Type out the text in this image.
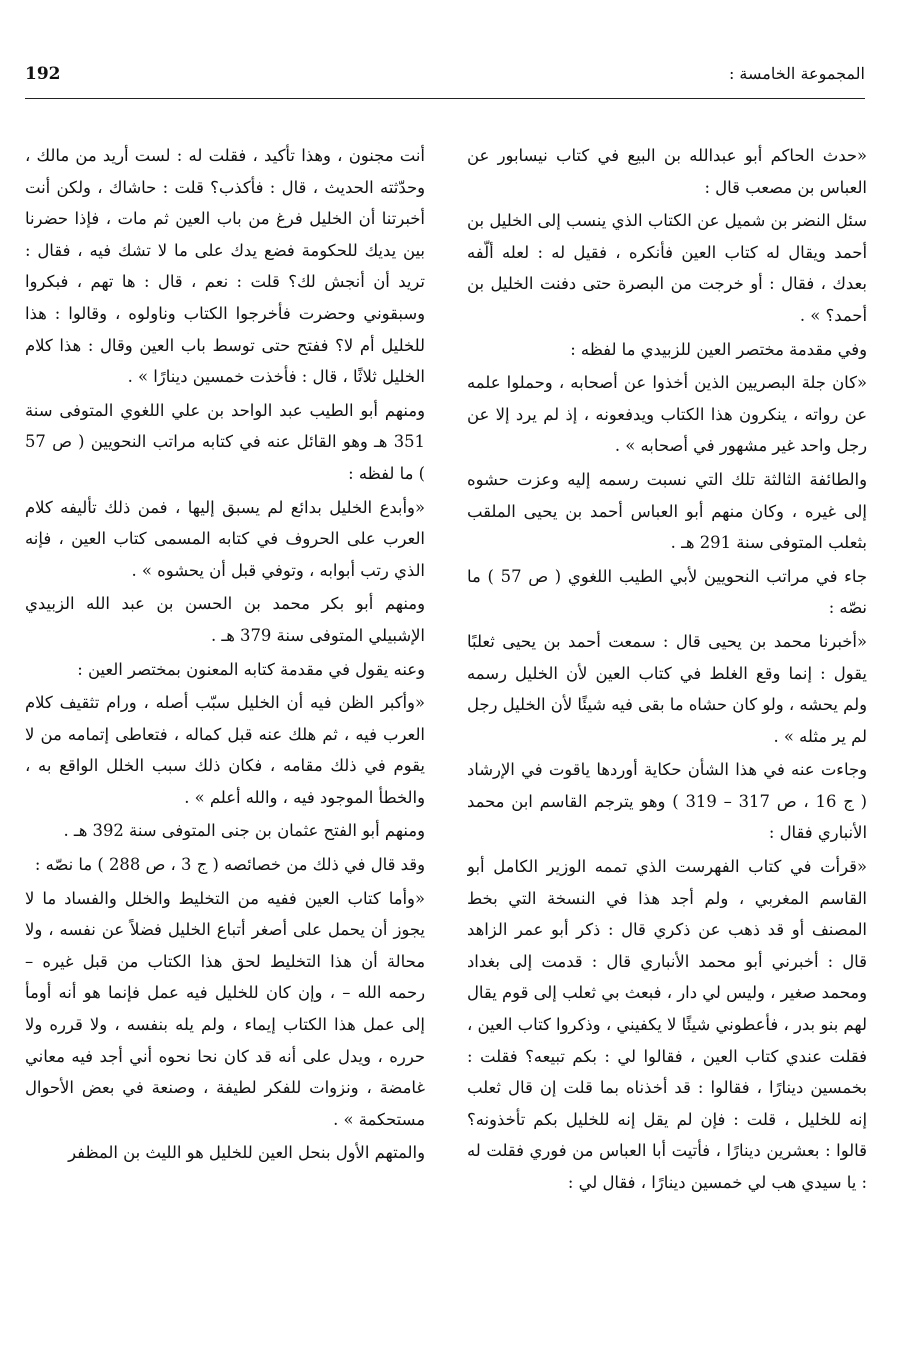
192	المجموعة الخامسة :

«حدث الحاكم أبو عبدالله بن البيع في كتاب نيسابور عن العباس بن مصعب قال :

سئل النضر بن شميل عن الكتاب الذي ينسب إلى الخليل بن أحمد ويقال له كتاب العين فأنكره ، فقيل له : لعله ألّفه بعدك ، فقال : أو خرجت من البصرة حتى دفنت الخليل بن أحمد؟ » .

وفي مقدمة مختصر العين للزبيدي ما لفظه :

«كان جلة البصريين الذين أخذوا عن أصحابه ، وحملوا علمه عن رواته ، ينكرون هذا الكتاب ويدفعونه ، إذ لم يرد إلا عن رجل واحد غير مشهور في أصحابه » .

والطائفة الثالثة تلك التي نسبت رسمه إليه وعزت حشوه إلى غيره ، وكان منهم أبو العباس أحمد بن يحيى الملقب بثعلب المتوفى سنة 291 هـ .

جاء في مراتب النحويين لأبي الطيب اللغوي ( ص 57 ) ما نصّه :

«أخبرنا محمد بن يحيى قال : سمعت أحمد بن يحيى ثعلبًا يقول : إنما وقع الغلط في كتاب العين لأن الخليل رسمه ولم يحشه ، ولو كان حشاه ما بقى فيه شيئًا لأن الخليل رجل لم ير مثله » .

وجاءت عنه في هذا الشأن حكاية أوردها ياقوت في الإرشاد ( ج 16 ، ص 317 – 319 ) وهو يترجم القاسم ابن محمد الأنباري فقال :

«قرأت في كتاب الفهرست الذي تممه الوزير الكامل أبو القاسم المغربي ، ولم أجد هذا في النسخة التي بخط المصنف أو قد ذهب عن ذكري قال : ذكر أبو عمر الزاهد قال : أخبرني أبو محمد الأنباري قال : قدمت إلى بغداد ومحمد صغير ، وليس لي دار ، فبعث بي ثعلب إلى قوم يقال لهم بنو بدر ، فأعطوني شيئًا لا يكفيني ، وذكروا كتاب العين ، فقلت عندي كتاب العين ، فقالوا لي : بكم تبيعه؟ فقلت : بخمسين دينارًا ، فقالوا : قد أخذناه بما قلت إن قال ثعلب إنه للخليل ، قلت : فإن لم يقل إنه للخليل بكم تأخذونه؟ قالوا : بعشرين دينارًا ، فأتيت أبا العباس من فوري فقلت له : يا سيدي هب لي خمسين دينارًا ، فقال لي :

أنت مجنون ، وهذا تأكيد ، فقلت له : لست أريد من مالك ، وحدّثته الحديث ، قال : فأكذب؟ قلت : حاشاك ، ولكن أنت أخبرتنا أن الخليل فرغ من باب العين ثم مات ، فإذا حضرنا بين يديك للحكومة فضع يدك على ما لا تشك فيه ، فقال : تريد أن أنجش لك؟ قلت : نعم ، قال : ها تهم ، فبكروا وسبقوني وحضرت فأخرجوا الكتاب وناولوه ، وقالوا : هذا للخليل أم لا؟ ففتح حتى توسط باب العين وقال : هذا كلام الخليل ثلاثًا ، قال : فأخذت خمسين دينارًا » .

ومنهم أبو الطيب عبد الواحد بن علي اللغوي المتوفى سنة 351 هـ وهو القائل عنه في كتابه مراتب النحويين ( ص 57 ) ما لفظه :

«وأبدع الخليل بدائع لم يسبق إليها ، فمن ذلك تأليفه كلام العرب على الحروف في كتابه المسمى كتاب العين ، فإنه الذي رتب أبوابه ، وتوفي قبل أن يحشوه » .

ومنهم أبو بكر محمد بن الحسن بن عبد الله الزبيدي الإشبيلي المتوفى سنة 379 هـ .

وعنه يقول في مقدمة كتابه المعنون بمختصر العين :

«وأكبر الظن فيه أن الخليل سبّب أصله ، ورام تثقيف كلام العرب فيه ، ثم هلك عنه قبل كماله ، فتعاطى إتمامه من لا يقوم في ذلك مقامه ، فكان ذلك سبب الخلل الواقع به ، والخطأ الموجود فيه ، والله أعلم » .

ومنهم أبو الفتح عثمان بن جنى المتوفى سنة 392 هـ .

وقد قال في ذلك من خصائصه ( ج 3 ، ص 288 ) ما نصّه :

«وأما كتاب العين ففيه من التخليط والخلل والفساد ما لا يجوز أن يحمل على أصغر أتباع الخليل فضلاً عن نفسه ، ولا محالة أن هذا التخليط لحق هذا الكتاب من قبل غيره – رحمه الله – ، وإن كان للخليل فيه عمل فإنما هو أنه أومأ إلى عمل هذا الكتاب إيماء ، ولم يله بنفسه ، ولا قرره ولا حرره ، ويدل على أنه قد كان نحا نحوه أني أجد فيه معاني غامضة ، ونزوات للفكر لطيفة ، وصنعة في بعض الأحوال مستحكمة » .

والمتهم الأول بنحل العين للخليل هو الليث بن المظفر
